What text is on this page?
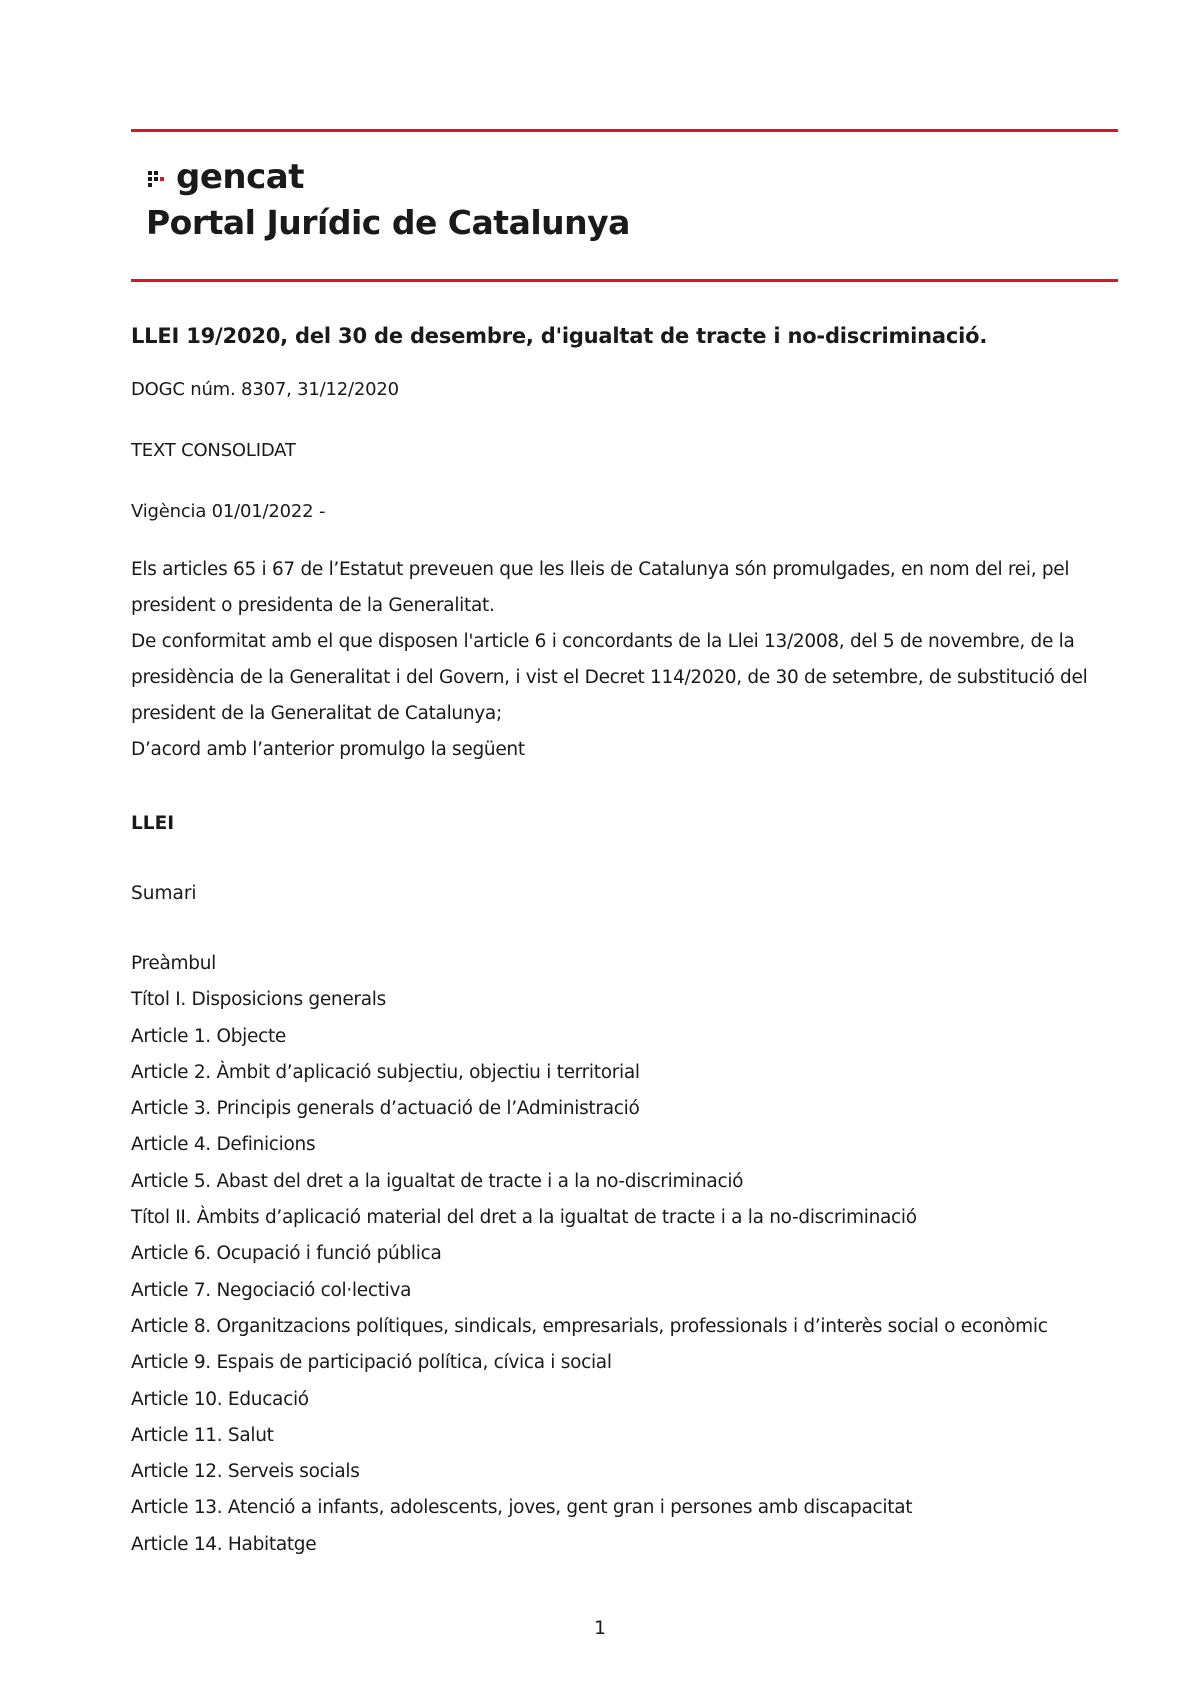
gencat
Portal Jurídic de Catalunya
LLEI 19/2020, del 30 de desembre, d'igualtat de tracte i no-discriminació.

DOGC núm. 8307, 31/12/2020

TEXT CONSOLIDAT

Vigència 01/01/2022 -

Els articles 65 i 67 de l’Estatut preveuen que les lleis de Catalunya són promulgades, en nom del rei, pel president o presidenta de la Generalitat.

De conformitat amb el que disposen l'article 6 i concordants de la Llei 13/2008, del 5 de novembre, de la presidència de la Generalitat i del Govern, i vist el Decret 114/2020, de 30 de setembre, de substitució del president de la Generalitat de Catalunya;

D’acord amb l’anterior promulgo la següent

LLEI

Sumari

Preàmbul
Títol I. Disposicions generals
Article 1. Objecte
Article 2. Àmbit d’aplicació subjectiu, objectiu i territorial
Article 3. Principis generals d’actuació de l’Administració
Article 4. Definicions
Article 5. Abast del dret a la igualtat de tracte i a la no-discriminació
Títol II. Àmbits d’aplicació material del dret a la igualtat de tracte i a la no-discriminació
Article 6. Ocupació i funció pública
Article 7. Negociació col·lectiva
Article 8. Organitzacions polítiques, sindicals, empresarials, professionals i d’interès social o econòmic
Article 9. Espais de participació política, cívica i social
Article 10. Educació
Article 11. Salut
Article 12. Serveis socials
Article 13. Atenció a infants, adolescents, joves, gent gran i persones amb discapacitat
Article 14. Habitatge
1
